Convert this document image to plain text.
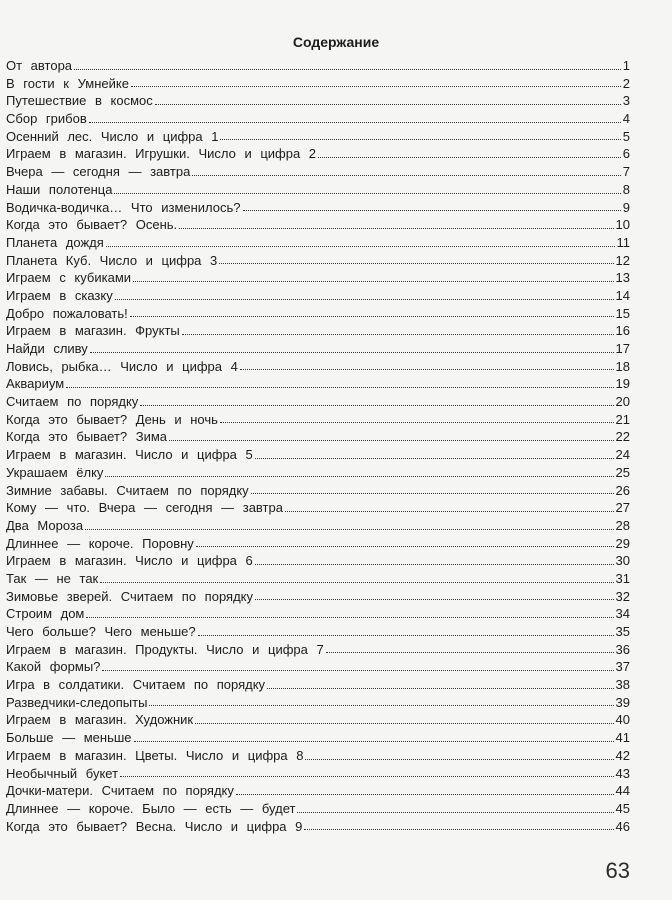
Содержание
От автора	1
В гости к Умнейке	2
Путешествие в космос	3
Сбор грибов	4
Осенний лес. Число и цифра 1	5
Играем в магазин. Игрушки. Число и цифра 2	6
Вчера — сегодня — завтра	7
Наши полотенца	8
Водичка-водичка… Что изменилось?	9
Когда это бывает? Осень.	10
Планета дождя	11
Планета Куб. Число и цифра 3	12
Играем с кубиками	13
Играем в сказку	14
Добро пожаловать!	15
Играем в магазин. Фрукты	16
Найди сливу	17
Ловись, рыбка… Число и цифра 4	18
Аквариум	19
Считаем по порядку	20
Когда это бывает? День и ночь	21
Когда это бывает? Зима	22
Играем в магазин. Число и цифра 5	24
Украшаем ёлку	25
Зимние забавы. Считаем по порядку	26
Кому — что. Вчера — сегодня — завтра	27
Два Мороза	28
Длиннее — короче. Поровну	29
Играем в магазин. Число и цифра 6	30
Так — не так	31
Зимовье зверей. Считаем по порядку	32
Строим дом	34
Чего больше? Чего меньше?	35
Играем в магазин. Продукты. Число и цифра 7	36
Какой формы?	37
Игра в солдатики. Считаем по порядку	38
Разведчики-следопыты	39
Играем в магазин. Художник	40
Больше — меньше	41
Играем в магазин. Цветы. Число и цифра 8	42
Необычный букет	43
Дочки-матери. Считаем по порядку	44
Длиннее — короче. Было — есть — будет	45
Когда это бывает? Весна. Число и цифра 9	46
63
